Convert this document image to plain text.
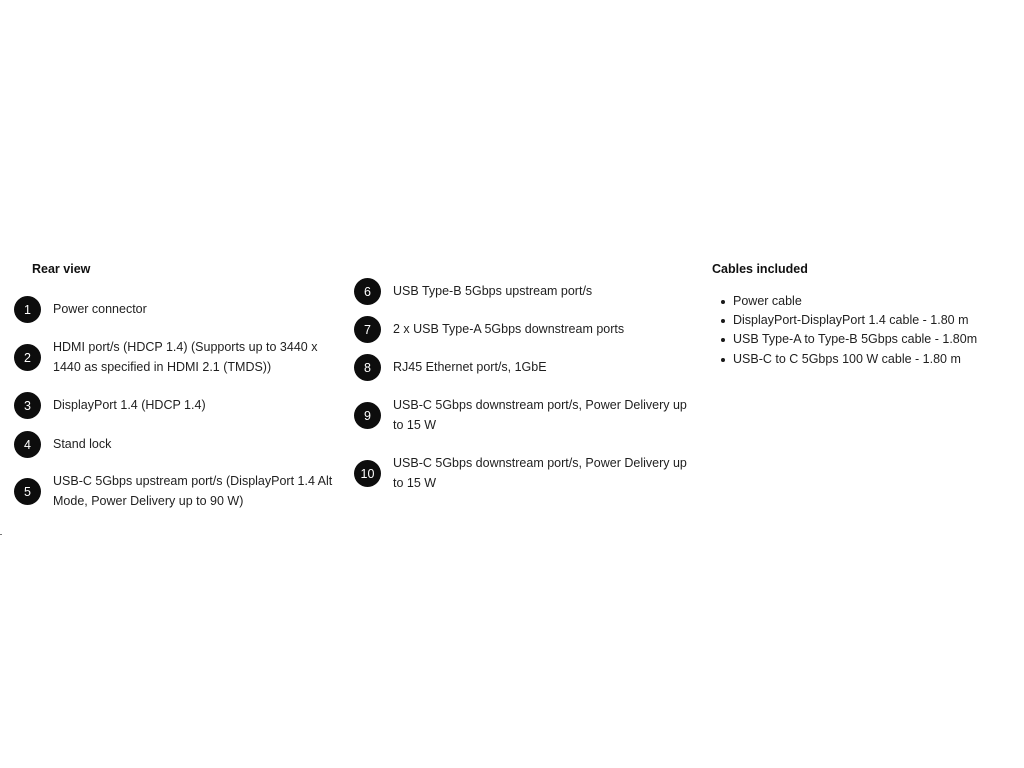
Rear view
1	Power connector
2
HDMI port/s (HDCP 1.4) (Supports up to 3440 x 1440 as specified in HDMI 2.1 (TMDS))
3	DisplayPort 1.4 (HDCP 1.4)
4	Stand lock
5
USB-C 5Gbps upstream port/s (DisplayPort 1.4 Alt Mode, Power Delivery up to 90 W)
6	USB Type-B 5Gbps upstream port/s
7	2 x USB Type-A 5Gbps downstream ports
8	RJ45 Ethernet port/s, 1GbE
9
USB-C 5Gbps downstream port/s, Power Delivery up to 15 W
10
USB-C 5Gbps downstream port/s, Power Delivery up to 15 W
Cables included
Power cable
DisplayPort-DisplayPort 1.4 cable - 1.80 m
USB Type-A to Type-B 5Gbps cable - 1.80m
USB-C to C 5Gbps 100 W cable - 1.80 m
